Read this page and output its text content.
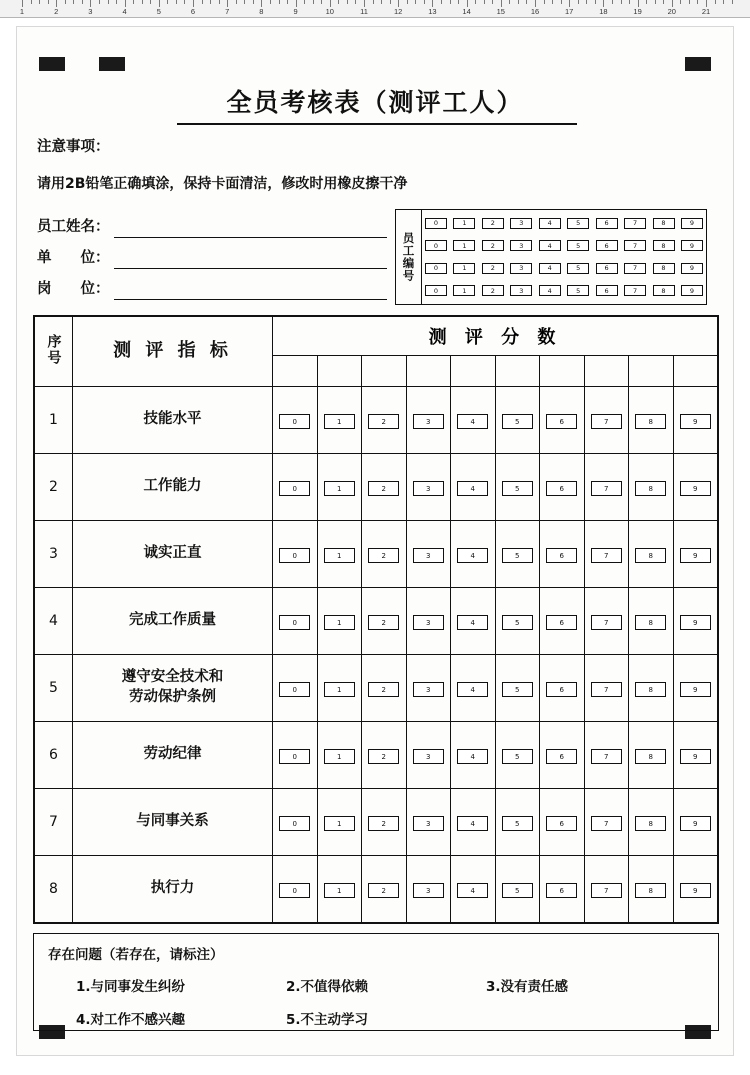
1	2	3	4	5	6	7	8	9	10	11	12	13	14	15	16	17	18	19	20	21
全员考核表（测评工人）
注意事项：
请用2B铅笔正确填涂，保持卡面清洁，修改时用橡皮擦干净
员工姓名：
单　　位：
岗　　位：
员工编号
0	1	2	3	4	5	6	7	8	9
0	1	2	3	4	5	6	7	8	9
0	1	2	3	4	5	6	7	8	9
0	1	2	3	4	5	6	7	8	9
序号	测 评 指 标	测 评 分 数									

1	技能水平	0	1	2	3	4	5	6	7	8	9
2	工作能力	0	1	2	3	4	5	6	7	8	9
3	诚实正直	0	1	2	3	4	5	6	7	8	9
4	完成工作质量	0	1	2	3	4	5	6	7	8	9
5	遵守安全技术和
劳动保护条例	0	1	2	3	4	5	6	7	8	9
6	劳动纪律	0	1	2	3	4	5	6	7	8	9
7	与同事关系	0	1	2	3	4	5	6	7	8	9
8	执行力	0	1	2	3	4	5	6	7	8	9
存在问题（若存在，请标注）
1.与同事发生纠纷	2.不值得依赖	3.没有责任感
4.对工作不感兴趣	5.不主动学习
